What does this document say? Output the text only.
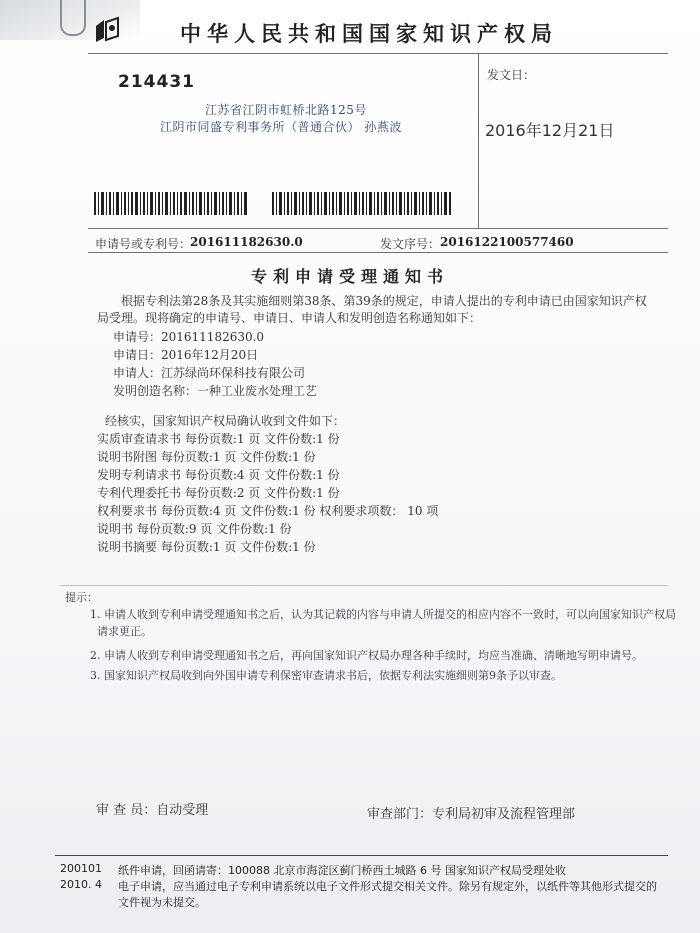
中华人民共和国国家知识产权局
214431
江苏省江阴市虹桥北路125号
江阴市同盛专利事务所（普通合伙） 孙燕波
发文日：
2016年12月21日
申请号或专利号：
201611182630.0	发文序号： 2016122100577460
专利申请受理通知书
根据专利法第28条及其实施细则第38条、第39条的规定，申请人提出的专利申请已由国家知识产权局受理。现将确定的申请号、申请日、申请人和发明创造名称通知如下：
申请号：201611182630.0
申请日：2016年12月20日
申请人：江苏绿尚环保科技有限公司
发明创造名称：一种工业废水处理工艺
经核实，国家知识产权局确认收到文件如下：
实质审查请求书 每份页数:1 页 文件份数:1 份
说明书附图 每份页数:1 页 文件份数:1 份
发明专利请求书 每份页数:4 页 文件份数:1 份
专利代理委托书 每份页数:2 页 文件份数:1 份
权利要求书 每份页数:4 页 文件份数:1 份 权利要求项数： 10 项
说明书 每份页数:9 页 文件份数:1 份
说明书摘要 每份页数:1 页 文件份数:1 份
提示：
1. 申请人收到专利申请受理通知书之后，认为其记载的内容与申请人所提交的相应内容不一致时，可以向国家知识产权局
请求更正。
2. 申请人收到专利申请受理通知书之后，再向国家知识产权局办理各种手续时，均应当准确、清晰地写明申请号。
3. 国家知识产权局收到向外国申请专利保密审查请求书后，依据专利法实施细则第9条予以审查。
审 查 员：自动受理	审查部门：专利局初审及流程管理部
200101
2010. 4
纸件申请，回函请寄：100088 北京市海淀区蓟门桥西土城路 6 号 国家知识产权局受理处收
电子申请，应当通过电子专利申请系统以电子文件形式提交相关文件。除另有规定外，以纸件等其他形式提交的
文件视为未提交。
